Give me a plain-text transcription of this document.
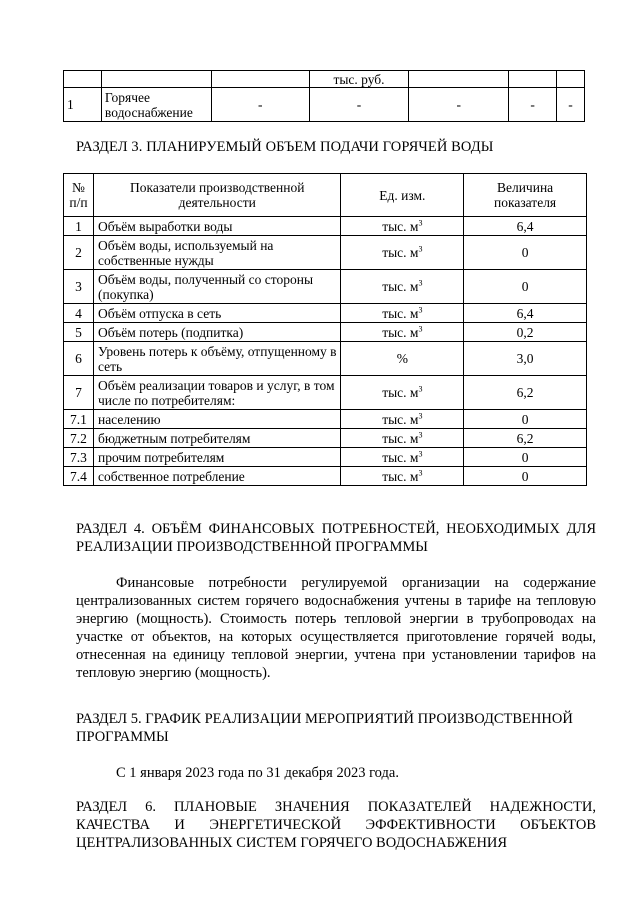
			тыс. руб.			
1	Горячее водоснабжение	-	-	-	-	-
РАЗДЕЛ 3. ПЛАНИРУЕМЫЙ ОБЪЕМ ПОДАЧИ ГОРЯЧЕЙ ВОДЫ
№ п/п	Показатели производственной деятельности	Ед. изм.	Величина показателя
1	Объём выработки воды	тыс. $м^3$	6,4
2	Объём воды, используемый на собственные нужды	тыс. $м^3$	0
3	Объём воды, полученный со стороны (покупка)	тыс. $м^3$	0
4	Объём отпуска в сеть	тыс. $м^3$	6,4
5	Объём потерь (подпитка)	тыс. $м^3$	0,2
6	Уровень потерь к объёму, отпущенному в сеть	%	3,0
7	Объём реализации товаров и услуг, в том числе по потребителям:	тыс. $м^3$	6,2
7.1	населению	тыс. $м^3$	0
7.2	бюджетным потребителям	тыс. $м^3$	6,2
7.3	прочим потребителям	тыс. $м^3$	0
7.4	собственное потребление	тыс. $м^3$	0
РАЗДЕЛ 4. ОБЪЁМ ФИНАНСОВЫХ ПОТРЕБНОСТЕЙ, НЕОБХОДИМЫХ ДЛЯ РЕАЛИЗАЦИИ ПРОИЗВОДСТВЕННОЙ ПРОГРАММЫ
Финансовые потребности регулируемой организации на содержание централизованных систем горячего водоснабжения учтены в тарифе на тепловую энергию (мощность). Стоимость потерь тепловой энергии в трубопроводах на участке от объектов, на которых осуществляется приготовление горячей воды, отнесенная на единицу тепловой энергии, учтена при установлении тарифов на тепловую энергию (мощность).
РАЗДЕЛ 5. ГРАФИК РЕАЛИЗАЦИИ МЕРОПРИЯТИЙ ПРОИЗВОДСТВЕННОЙ ПРОГРАММЫ
С 1 января 2023 года по 31 декабря 2023 года.
РАЗДЕЛ 6. ПЛАНОВЫЕ ЗНАЧЕНИЯ ПОКАЗАТЕЛЕЙ НАДЕЖНОСТИ, КАЧЕСТВА И ЭНЕРГЕТИЧЕСКОЙ ЭФФЕКТИВНОСТИ ОБЪЕКТОВ ЦЕНТРАЛИЗОВАННЫХ СИСТЕМ ГОРЯЧЕГО ВОДОСНАБЖЕНИЯ
